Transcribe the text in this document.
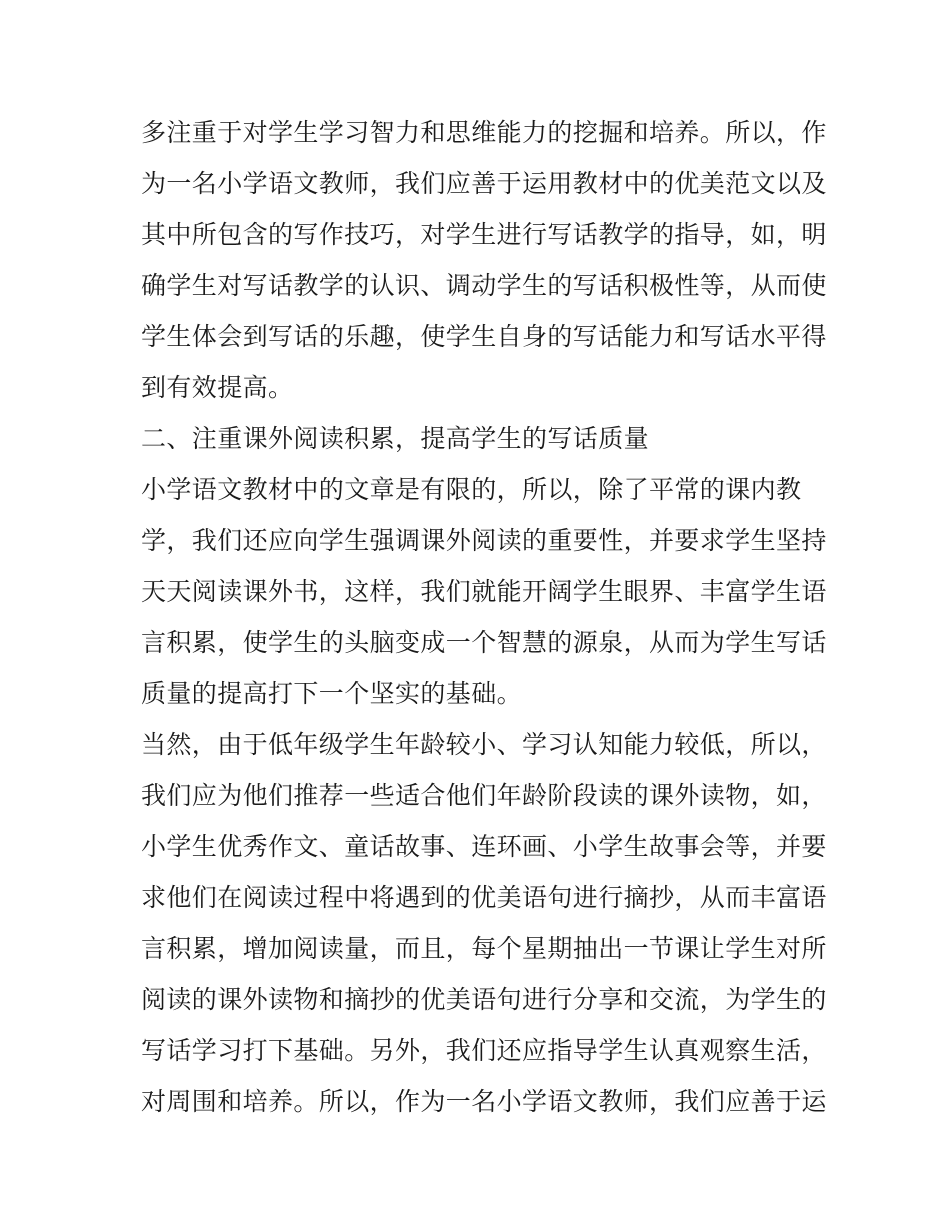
多注重于对学生学习智力和思维能力的挖掘和培养。所以，作
为一名小学语文教师，我们应善于运用教材中的优美范文以及
其中所包含的写作技巧，对学生进行写话教学的指导，如，明
确学生对写话教学的认识、调动学生的写话积极性等，从而使
学生体会到写话的乐趣，使学生自身的写话能力和写话水平得
到有效提高。
二、注重课外阅读积累，提高学生的写话质量
小学语文教材中的文章是有限的，所以，除了平常的课内教
学，我们还应向学生强调课外阅读的重要性，并要求学生坚持
天天阅读课外书，这样，我们就能开阔学生眼界、丰富学生语
言积累，使学生的头脑变成一个智慧的源泉，从而为学生写话
质量的提高打下一个坚实的基础。
当然，由于低年级学生年龄较小、学习认知能力较低，所以，
我们应为他们推荐一些适合他们年龄阶段读的课外读物，如，
小学生优秀作文、童话故事、连环画、小学生故事会等，并要
求他们在阅读过程中将遇到的优美语句进行摘抄，从而丰富语
言积累，增加阅读量，而且，每个星期抽出一节课让学生对所
阅读的课外读物和摘抄的优美语句进行分享和交流，为学生的
写话学习打下基础。另外，我们还应指导学生认真观察生活，
对周围和培养。所以，作为一名小学语文教师，我们应善于运
